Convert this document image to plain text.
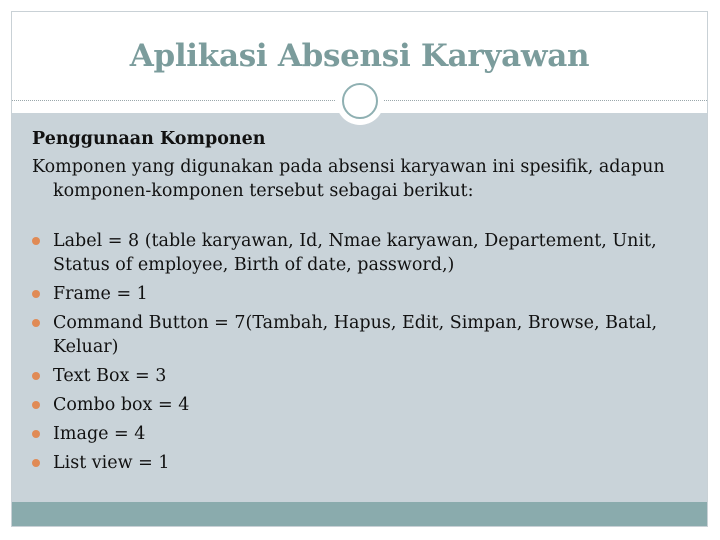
Aplikasi Absensi Karyawan

Penggunaan Komponen

Komponen yang digunakan pada absensi karyawan ini spesifik, adapun komponen-komponen tersebut sebagai berikut:

Label = 8 (table karyawan, Id, Nmae karyawan, Departement, Unit, Status of employee, Birth of date, password,)
Frame = 1
Command Button = 7(Tambah, Hapus, Edit, Simpan, Browse, Batal, Keluar)
Text Box = 3
Combo box = 4
Image = 4
List view = 1
